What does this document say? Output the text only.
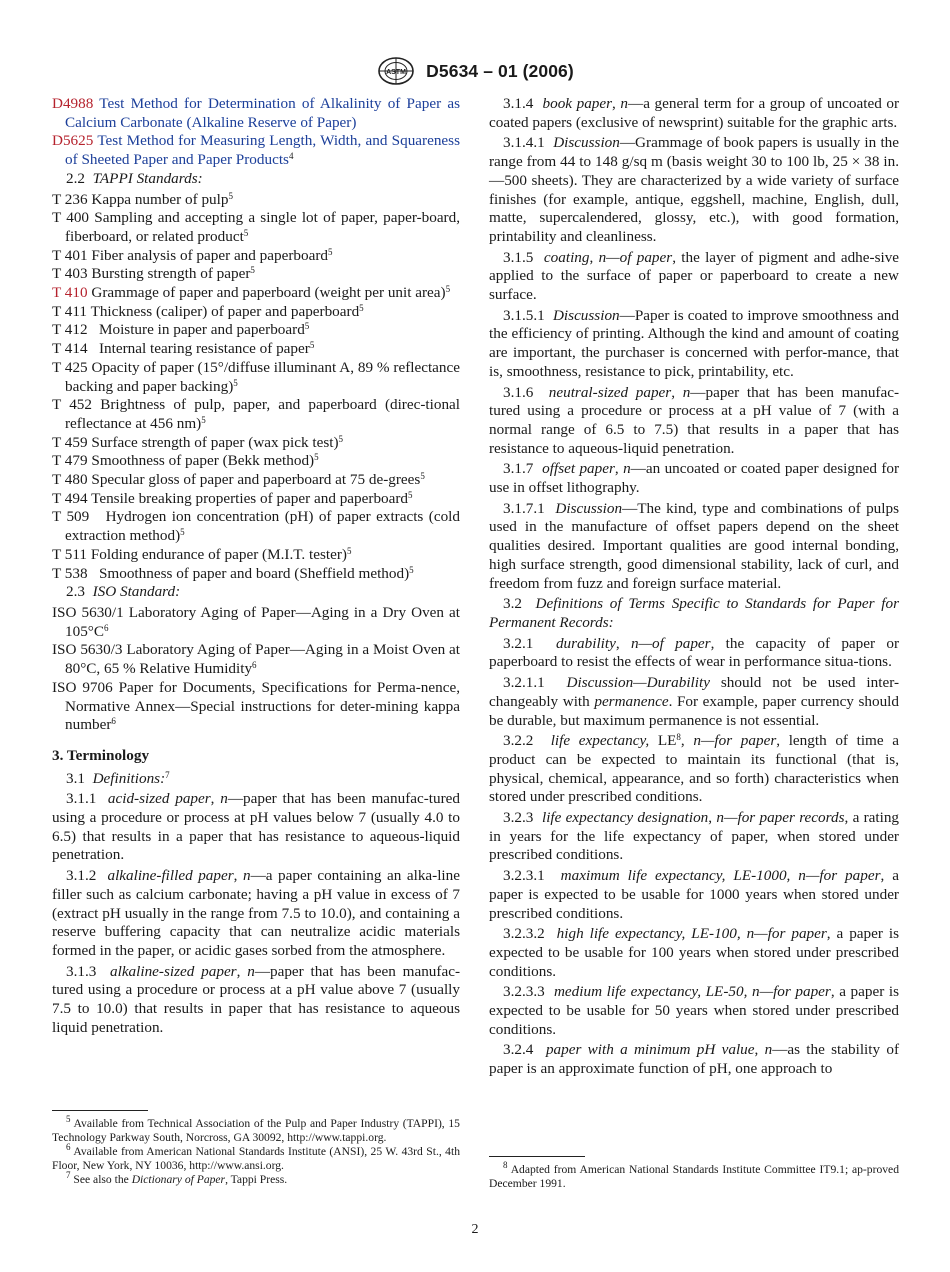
ASTM D5634 – 01 (2006)
D4988 Test Method for Determination of Alkalinity of Paper as Calcium Carbonate (Alkaline Reserve of Paper)
D5625 Test Method for Measuring Length, Width, and Squareness of Sheeted Paper and Paper Products$^4$
2.2 TAPPI Standards:
T 236 Kappa number of pulp$^5$
T 400 Sampling and accepting a single lot of paper, paper-board, fiberboard, or related product$^5$
T 401 Fiber analysis of paper and paperboard$^5$
T 403 Bursting strength of paper$^5$
T 410 Grammage of paper and paperboard (weight per unit area)$^5$
T 411 Thickness (caliper) of paper and paperboard$^5$
T 412 Moisture in paper and paperboard$^5$
T 414 Internal tearing resistance of paper$^5$
T 425 Opacity of paper (15°/diffuse illuminant A, 89 % reflectance backing and paper backing)$^5$
T 452 Brightness of pulp, paper, and paperboard (direc-tional reflectance at 456 nm)$^5$
T 459 Surface strength of paper (wax pick test)$^5$
T 479 Smoothness of paper (Bekk method)$^5$
T 480 Specular gloss of paper and paperboard at 75 de-grees$^5$
T 494 Tensile breaking properties of paper and paperboard$^5$
T 509 Hydrogen ion concentration (pH) of paper extracts (cold extraction method)$^5$
T 511 Folding endurance of paper (M.I.T. tester)$^5$
T 538 Smoothness of paper and board (Sheffield method)$^5$
2.3 ISO Standard:
ISO 5630/1 Laboratory Aging of Paper—Aging in a Dry Oven at $105^\circ C^6$
ISO 5630/3 Laboratory Aging of Paper—Aging in a Moist Oven at 80°C, 65 % Relative Humidity$^6$
ISO 9706 Paper for Documents, Specifications for Perma-nence, Normative Annex—Special instructions for deter-mining kappa number$^6$
3. Terminology
3.1 Definitions:$^7$
3.1.1 acid-sized paper, n—paper that has been manufac-tured using a procedure or process at pH values below 7 (usually 4.0 to 6.5) that results in a paper that has resistance to aqueous-liquid penetration.
3.1.2 alkaline-filled paper, n—a paper containing an alka-line filler such as calcium carbonate; having a pH value in excess of 7 (extract pH usually in the range from 7.5 to 10.0), and containing a reserve buffering capacity that can neutralize acidic materials formed in the paper, or acidic gases sorbed from the atmosphere.
3.1.3 alkaline-sized paper, n—paper that has been manufac-tured using a procedure or process at a pH value above 7 (usually 7.5 to 10.0) that results in paper that has resistance to aqueous liquid penetration.
3.1.4 book paper, n—a general term for a group of uncoated or coated papers (exclusive of newsprint) suitable for the graphic arts.
3.1.4.1 Discussion—Grammage of book papers is usually in the range from 44 to 148 g/sq m (basis weight 30 to 100 lb, 25 × 38 in.—500 sheets). They are characterized by a wide variety of surface finishes (for example, antique, eggshell, machine, English, dull, matte, supercalendered, glossy, etc.), with good formation, printability and cleanliness.
3.1.5 coating, n—of paper, the layer of pigment and adhe-sive applied to the surface of paper or paperboard to create a new surface.
3.1.5.1 Discussion—Paper is coated to improve smoothness and the efficiency of printing. Although the kind and amount of coating are important, the purchaser is concerned with perfor-mance, that is, smoothness, resistance to pick, printability, etc.
3.1.6 neutral-sized paper, n—paper that has been manufac-tured using a procedure or process at a pH value of 7 (with a normal range of 6.5 to 7.5) that results in a paper that has resistance to aqueous-liquid penetration.
3.1.7 offset paper, n—an uncoated or coated paper designed for use in offset lithography.
3.1.7.1 Discussion—The kind, type and combinations of pulps used in the manufacture of offset papers depend on the sheet qualities desired. Important qualities are good internal bonding, high surface strength, good dimensional stability, lack of curl, and freedom from fuzz and foreign surface material.
3.2 Definitions of Terms Specific to Standards for Paper for Permanent Records:
3.2.1 durability, n—of paper, the capacity of paper or paperboard to resist the effects of wear in performance situa-tions.
3.2.1.1 Discussion—Durability should not be used inter-changeably with permanence. For example, paper currency should be durable, but maximum permanence is not essential.
3.2.2 life expectancy, $LE^8$, n—for paper, length of time a product can be expected to maintain its functional (that is, physical, chemical, appearance, and so forth) characteristics when stored under prescribed conditions.
3.2.3 life expectancy designation, n—for paper records, a rating in years for the life expectancy of paper, when stored under prescribed conditions.
3.2.3.1 maximum life expectancy, LE-1000, n—for paper, a paper is expected to be usable for 1000 years when stored under prescribed conditions.
3.2.3.2 high life expectancy, LE-100, n—for paper, a paper is expected to be usable for 100 years when stored under prescribed conditions.
3.2.3.3 medium life expectancy, LE-50, n—for paper, a paper is expected to be usable for 50 years when stored under prescribed conditions.
3.2.4 paper with a minimum pH value, n—as the stability of paper is an approximate function of pH, one approach to

$^5$ Available from Technical Association of the Pulp and Paper Industry (TAPPI), 15 Technology Parkway South, Norcross, GA 30092, http://www.tappi.org.

$^6$ Available from American National Standards Institute (ANSI), 25 W. 43rd St., 4th Floor, New York, NY 10036, http://www.ansi.org.

$^7$ See also the Dictionary of Paper, Tappi Press.

$^8$ Adapted from American National Standards Institute Committee IT9.1; ap-proved December 1991.

2
